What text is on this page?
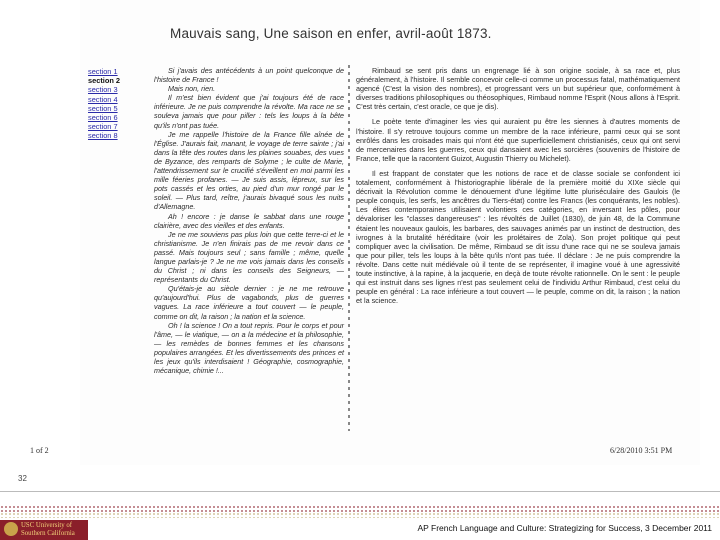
Mauvais sang, Une saison en enfer, avril-août 1873.
section 1
section 2
section 3
section 4
section 5
section 6
section 7
section 8

Si j'avais des antécédents à un point quelconque de l'histoire de France !

Mais non, rien.

Il m'est bien évident que j'ai toujours été de race inférieure. Je ne puis comprendre la révolte. Ma race ne se souleva jamais que pour piller : tels les loups à la bête qu'ils n'ont pas tuée.

Je me rappelle l'histoire de la France fille aînée de l'Église. J'aurais fait, manant, le voyage de terre sainte ; j'ai dans la tête des routes dans les plaines souabes, des vues de Byzance, des remparts de Solyme ; le culte de Marie, l'attendrissement sur le crucifié s'éveillent en moi parmi les mille féeries profanes. — Je suis assis, lépreux, sur les pots cassés et les orties, au pied d'un mur rongé par le soleil. — Plus tard, reître, j'aurais bivaqué sous les nuits d'Allemagne.

Ah ! encore : je danse le sabbat dans une rouge clairière, avec des vieilles et des enfants.

Je ne me souviens pas plus loin que cette terre-ci et le christianisme. Je n'en finirais pas de me revoir dans ce passé. Mais toujours seul ; sans famille ; même, quelle langue parlais-je ? Je ne me vois jamais dans les conseils du Christ ; ni dans les conseils des Seigneurs, — représentants du Christ.

Qu'étais-je au siècle dernier : je ne me retrouve qu'aujourd'hui. Plus de vagabonds, plus de guerres vagues. La race inférieure a tout couvert — le peuple, comme on dit, la raison ; la nation et la science.

Oh ! la science ! On a tout repris. Pour le corps et pour l'âme, — le viatique, — on a la médecine et la philosophie, — les remèdes de bonnes femmes et les chansons populaires arrangées. Et les divertissements des princes et les jeux qu'ils interdisaient ! Géographie, cosmographie, mécanique, chimie !...

Rimbaud se sent pris dans un engrenage lié à son origine sociale, à sa race et, plus généralement, à l'histoire. Il semble concevoir celle-ci comme un processus fatal, mathématiquement agencé (C'est la vision des nombres), et progressant vers un but supérieur que, conformément à diverses traditions philosophiques ou théosophiques, Rimbaud nomme l'Esprit (Nous allons à l'Esprit. C'est très certain, c'est oracle, ce que je dis).

Le poète tente d'imaginer les vies qui auraient pu être les siennes à d'autres moments de l'histoire. Il s'y retrouve toujours comme un membre de la race inférieure, parmi ceux qui se sont enrôlés dans les croisades mais qui n'ont été que superficiellement christianisés, ceux qui ont servi de mercenaires dans les guerres, ceux qui dansaient avec les sorcières (souvenirs de l'histoire de France, telle que la racontent Guizot, Augustin Thierry ou Michelet).

Il est frappant de constater que les notions de race et de classe sociale se confondent ici totalement, conformément à l'historiographie libérale de la première moitié du XIXe siècle qui décrivait la Révolution comme le dénouement d'une légitime lutte pluriséculaire des Gaulois (le peuple conquis, les serfs, les ancêtres du Tiers-état) contre les Francs (les conquérants, les nobles). Les élites contemporaines utilisaient volontiers ces catégories, en inversant les pôles, pour dévaloriser les "classes dangereuses" : les révoltés de Juillet (1830), de juin 48, de la Commune étaient les nouveaux gaulois, les barbares, des sauvages animés par un instinct de destruction, des ivrognes à la brutalité héréditaire (voir les prolétaires de Zola). Son projet politique qui peut compliquer avec la civilisation. De même, Rimbaud se dit issu d'une race qui ne se souleva jamais que pour piller, tels les loups à la bête qu'ils n'ont pas tuée. Il déclare : Je ne puis comprendre la révolte. Dans cette nuit médiévale où il tente de se représenter, il imagine voué à une agressivité toute instinctive, à la rapine, à la jacquerie, en deçà de toute révolte rationnelle. On le sent : le peuple qui est instruit dans ses lignes n'est pas seulement celui de l'individu Arthur Rimbaud, c'est celui du peuple en général : La race inférieure a tout couvert — le peuple, comme on dit, la raison ; la nation et la science.

1 of 2	6/28/2010 3:51 PM
32
USC University of
Southern California
AP French Language and Culture: Strategizing for Success, 3 December 2011
